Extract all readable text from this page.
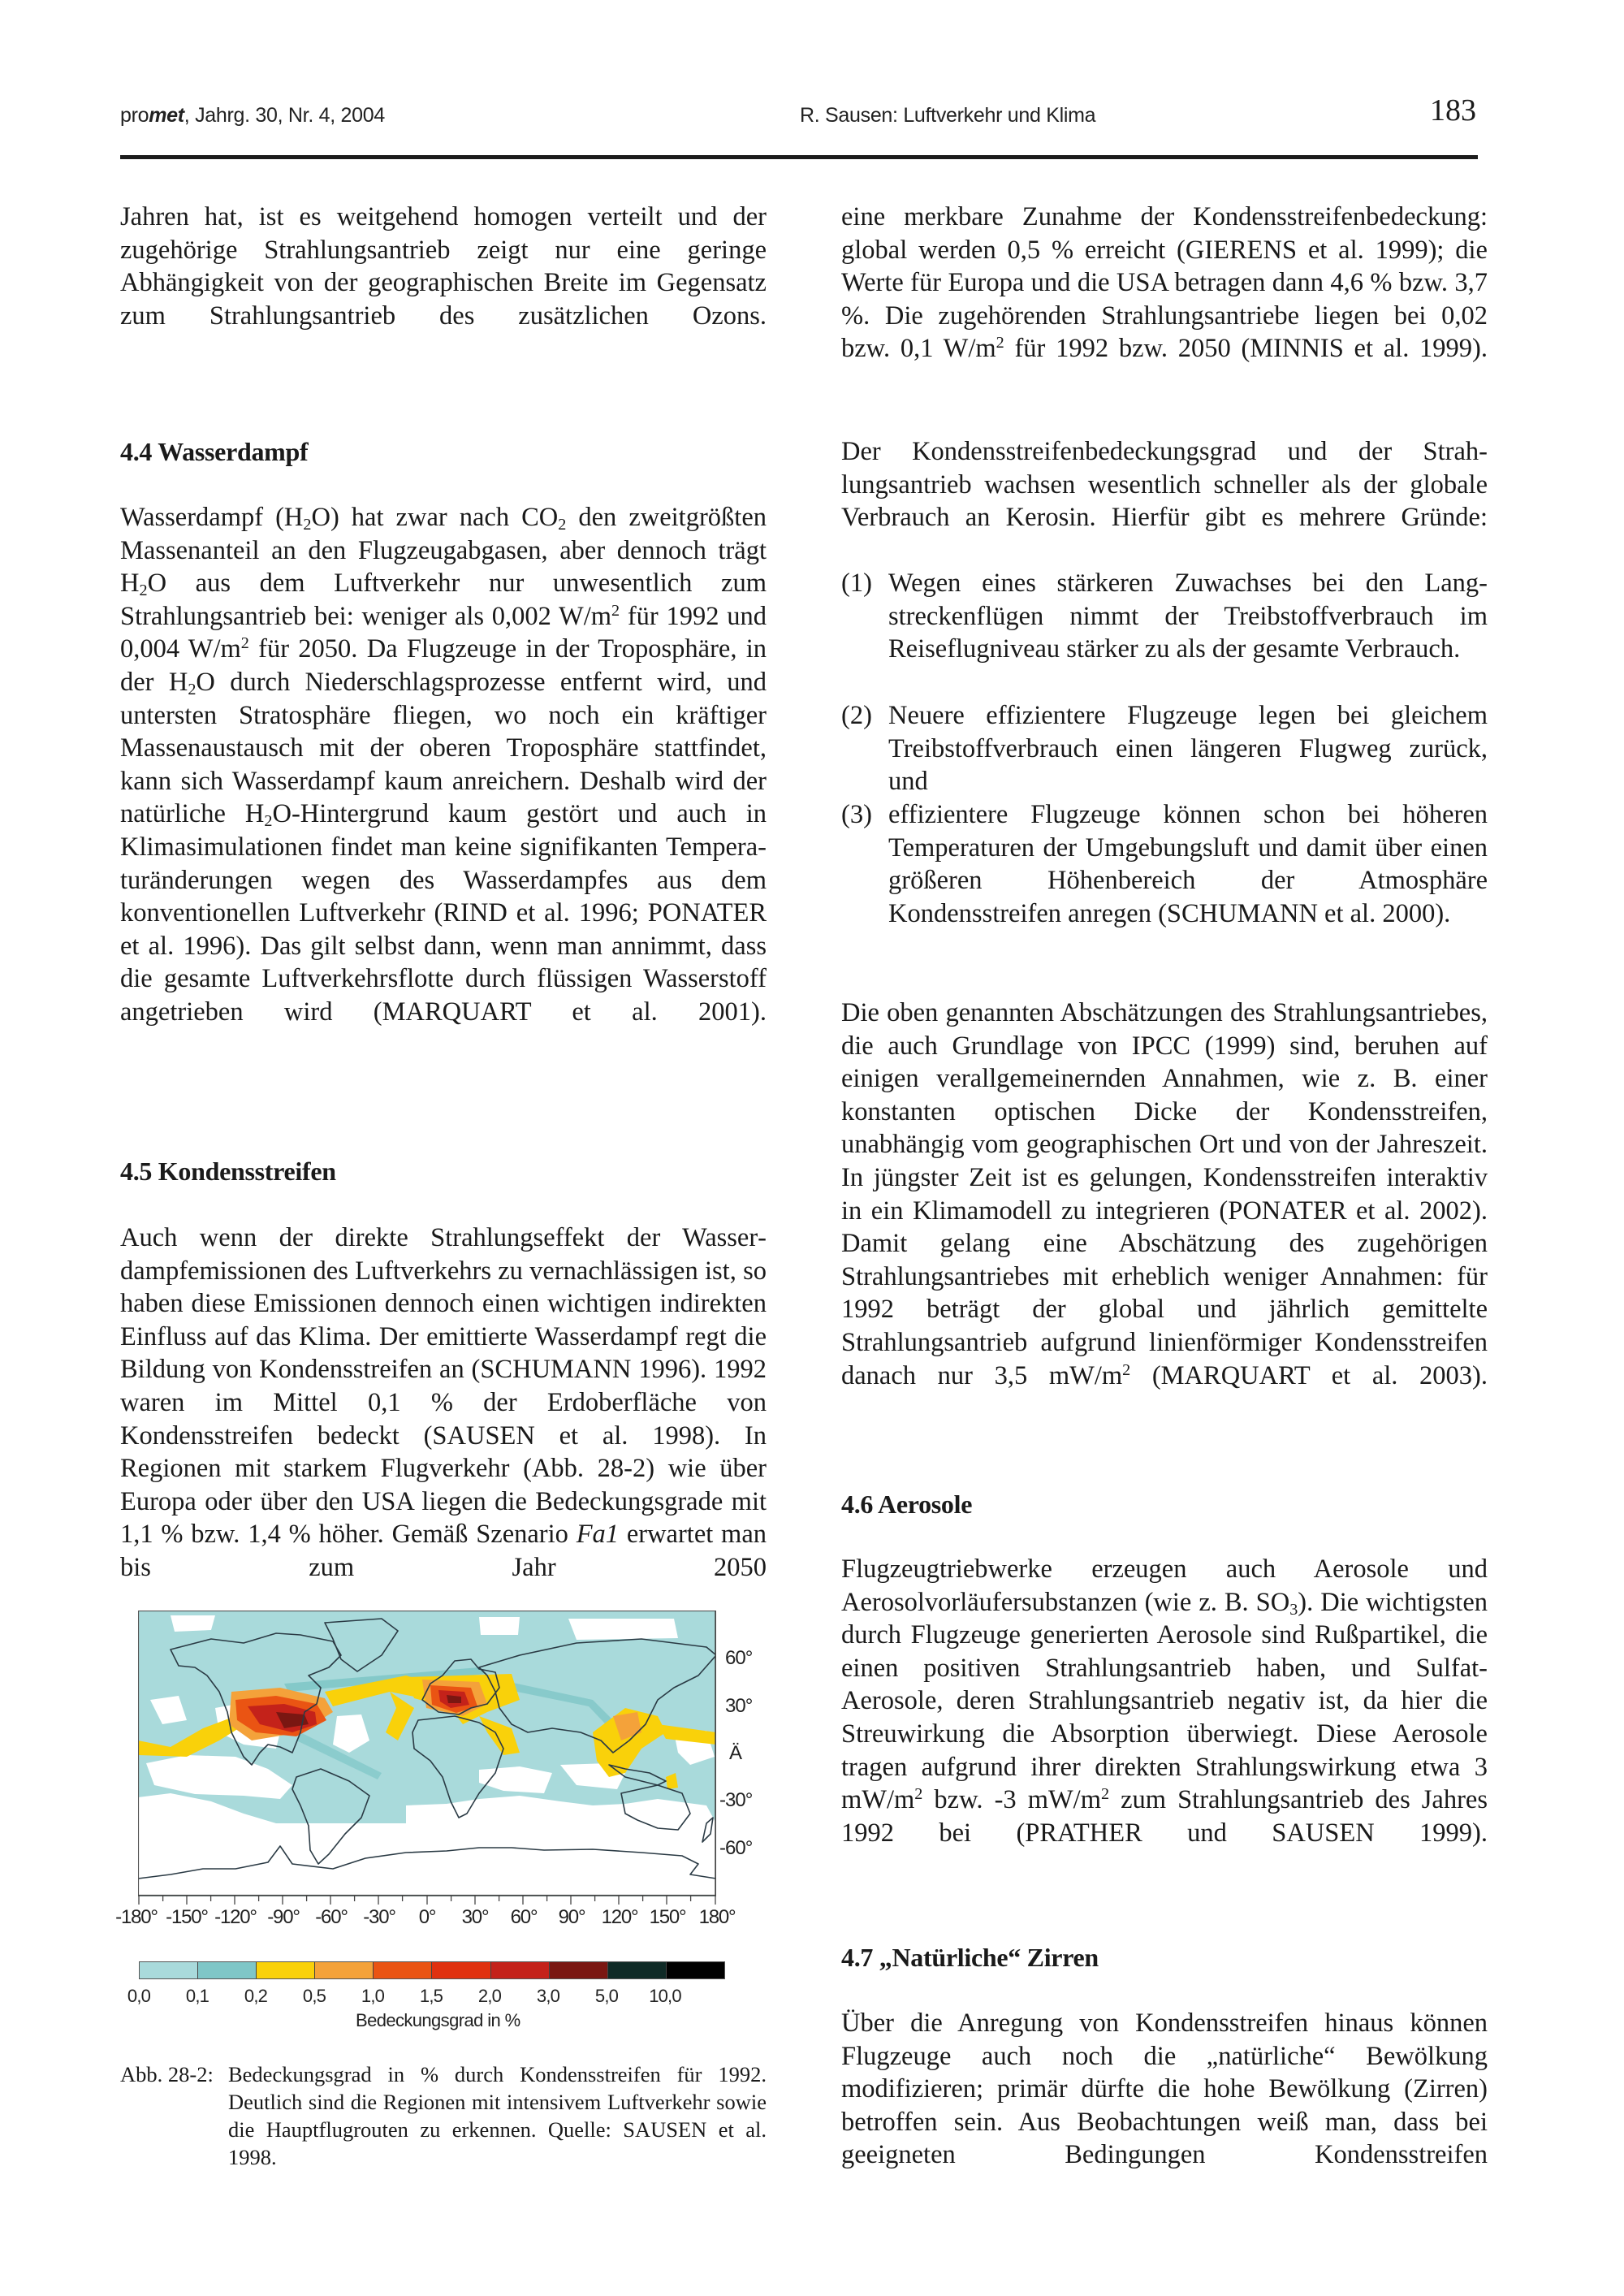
promet, Jahrg. 30, Nr. 4, 2004	R. Sausen: Luftverkehr und Klima	183

Jahren hat, ist es weitgehend homogen verteilt und der zugehörige Strahlungsantrieb zeigt nur eine geringe Abhängigkeit von der geographischen Breite im Gegensatz zum Strahlungsantrieb des zusätzlichen Ozons.

4.4 Wasserdampf

Wasserdampf $(H_2O)$ hat zwar nach $CO_2$ den zweitgrößten Massenanteil an den Flugzeugabgasen, aber dennoch trägt $H_2O$ aus dem Luftverkehr nur unwesentlich zum Strahlungsantrieb bei: weniger als 0,002 $W/m^2$ für 1992 und 0,004 $W/m^2$ für 2050. Da Flugzeuge in der Troposphäre, in der $H_2O$ durch Niederschlagsprozesse entfernt wird, und untersten Stratosphäre fliegen, wo noch ein kräftiger Massenaustausch mit der oberen Troposphäre stattfindet, kann sich Wasserdampf kaum anreichern. Deshalb wird der natürliche $H_2O$-Hintergrund kaum gestört und auch in Klimasimulationen findet man keine signifikanten Temperaturänderungen wegen des Wasserdampfes aus dem konventionellen Luftverkehr (RIND et al. 1996; PONATER et al. 1996). Das gilt selbst dann, wenn man annimmt, dass die gesamte Luftverkehrsflotte durch flüssigen Wasserstoff angetrieben wird (MARQUART et al. 2001).

4.5 Kondensstreifen

Auch wenn der direkte Strahlungseffekt der Wasserdampfemissionen des Luftverkehrs zu vernachlässigen ist, so haben diese Emissionen dennoch einen wichtigen indirekten Einfluss auf das Klima. Der emittierte Wasserdampf regt die Bildung von Kondensstreifen an (SCHUMANN 1996). 1992 waren im Mittel 0,1 % der Erdoberfläche von Kondensstreifen bedeckt (SAUSEN et al. 1998). In Regionen mit starkem Flugverkehr (Abb. 28-2) wie über Europa oder über den USA liegen die Bedeckungsgrade mit 1,1 % bzw. 1,4 % höher. Gemäß Szenario Fa1 erwartet man bis zum Jahr 2050

60°
30°
Ä
-30°
-60°
-180° -150° -120° -90° -60° -30° 0° 30° 60° 90° 120° 150° 180°
0,0 0,1 0,2 0,5 1,0 1,5 2,0 3,0 5,0 10,0
Bedeckungsgrad in %
Abb. 28-2: Bedeckungsgrad in % durch Kondensstreifen für 1992. Deutlich sind die Regionen mit intensivem Luftverkehr sowie die Hauptflugrouten zu erkennen. Quelle: SAUSEN et al. 1998.

eine merkbare Zunahme der Kondensstreifenbedeckung: global werden 0,5 % erreicht (GIERENS et al. 1999); die Werte für Europa und die USA betragen dann 4,6 % bzw. 3,7 %. Die zugehörenden Strahlungsantriebe liegen bei 0,02 bzw. 0,1 $W/m^2$ für 1992 bzw. 2050 (MINNIS et al. 1999).

Der Kondensstreifenbedeckungsgrad und der Strahlungsantrieb wachsen wesentlich schneller als der globale Verbrauch an Kerosin. Hierfür gibt es mehrere Gründe:

(1) Wegen eines stärkeren Zuwachses bei den Langstreckenflügen nimmt der Treibstoffverbrauch im Reiseflugniveau stärker zu als der gesamte Verbrauch.
(2) Neuere effizientere Flugzeuge legen bei gleichem Treibstoffverbrauch einen längeren Flugweg zurück, und
(3) effizientere Flugzeuge können schon bei höheren Temperaturen der Umgebungsluft und damit über einen größeren Höhenbereich der Atmosphäre Kondensstreifen anregen (SCHUMANN et al. 2000).

Die oben genannten Abschätzungen des Strahlungsantriebes, die auch Grundlage von IPCC (1999) sind, beruhen auf einigen verallgemeinernden Annahmen, wie z. B. einer konstanten optischen Dicke der Kondensstreifen, unabhängig vom geographischen Ort und von der Jahreszeit. In jüngster Zeit ist es gelungen, Kondensstreifen interaktiv in ein Klimamodell zu integrieren (PONATER et al. 2002). Damit gelang eine Abschätzung des zugehörigen Strahlungsantriebes mit erheblich weniger Annahmen: für 1992 beträgt der global und jährlich gemittelte Strahlungsantrieb aufgrund linienförmiger Kondensstreifen danach nur 3,5 $mW/m^2$ (MARQUART et al. 2003).

4.6 Aerosole

Flugzeugtriebwerke erzeugen auch Aerosole und Aerosolvorläufersubstanzen (wie z. B. $SO_3$). Die wichtigsten durch Flugzeuge generierten Aerosole sind Rußpartikel, die einen positiven Strahlungsantrieb haben, und Sulfat-Aerosole, deren Strahlungsantrieb negativ ist, da hier die Streuwirkung die Absorption überwiegt. Diese Aerosole tragen aufgrund ihrer direkten Strahlungswirkung etwa 3 $mW/m^2$ bzw. -3 $mW/m^2$ zum Strahlungsantrieb des Jahres 1992 bei (PRATHER und SAUSEN 1999).

4.7 „Natürliche“ Zirren

Über die Anregung von Kondensstreifen hinaus können Flugzeuge auch noch die „natürliche“ Bewölkung modifizieren; primär dürfte die hohe Bewölkung (Zirren) betroffen sein. Aus Beobachtungen weiß man, dass bei geeigneten Bedingungen Kondensstreifen
